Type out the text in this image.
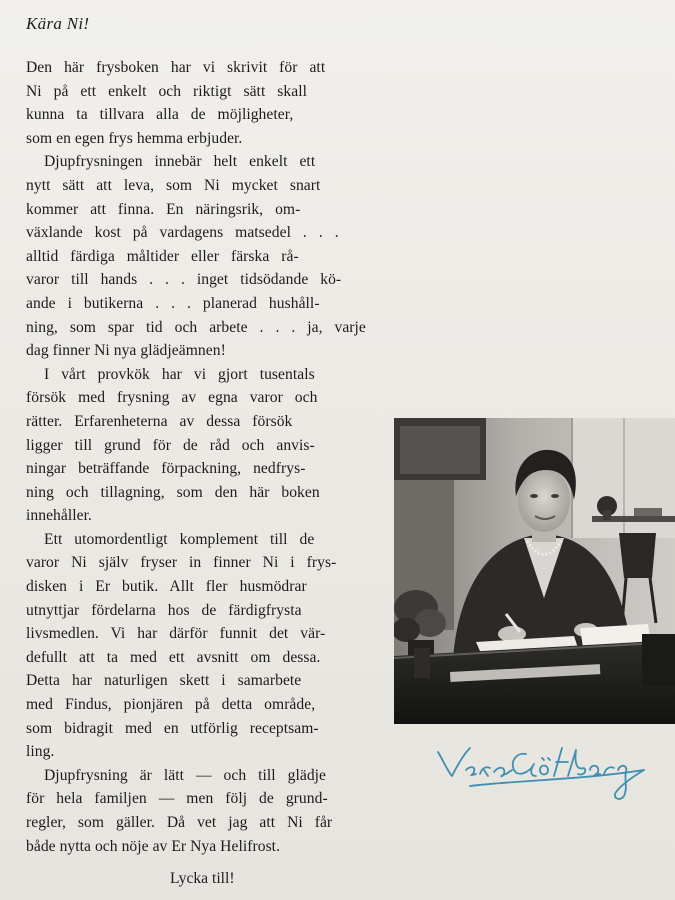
Kära Ni!
Den här frysboken har vi skrivit för att
Ni på ett enkelt och riktigt sätt skall
kunna ta tillvara alla de möjligheter,
som en egen frys hemma erbjuder.
Djupfrysningen innebär helt enkelt ett
nytt sätt att leva, som Ni mycket snart
kommer att finna. En näringsrik, om-
växlande kost på vardagens matsedel . . .
alltid färdiga måltider eller färska rå-
varor till hands . . . inget tidsödande kö-
ande i butikerna . . . planerad hushåll-
ning, som spar tid och arbete . . . ja, varje
dag finner Ni nya glädjeämnen!
I vårt provkök har vi gjort tusentals
försök med frysning av egna varor och
rätter. Erfarenheterna av dessa försök
ligger till grund för de råd och anvis-
ningar beträffande förpackning, nedfrys-
ning och tillagning, som den här boken
innehåller.
Ett utomordentligt komplement till de
varor Ni själv fryser in finner Ni i frys-
disken i Er butik. Allt fler husmödrar
utnyttjar fördelarna hos de färdigfrysta
livsmedlen. Vi har därför funnit det vär-
defullt att ta med ett avsnitt om dessa.
Detta har naturligen skett i samarbete
med Findus, pionjären på detta område,
som bidragit med en utförlig receptsam-
ling.
Djupfrysning är lätt — och till glädje
för hela familjen — men följ de grund-
regler, som gäller. Då vet jag att Ni får
både nytta och nöje av Er Nya Helifrost.
Lycka till!
